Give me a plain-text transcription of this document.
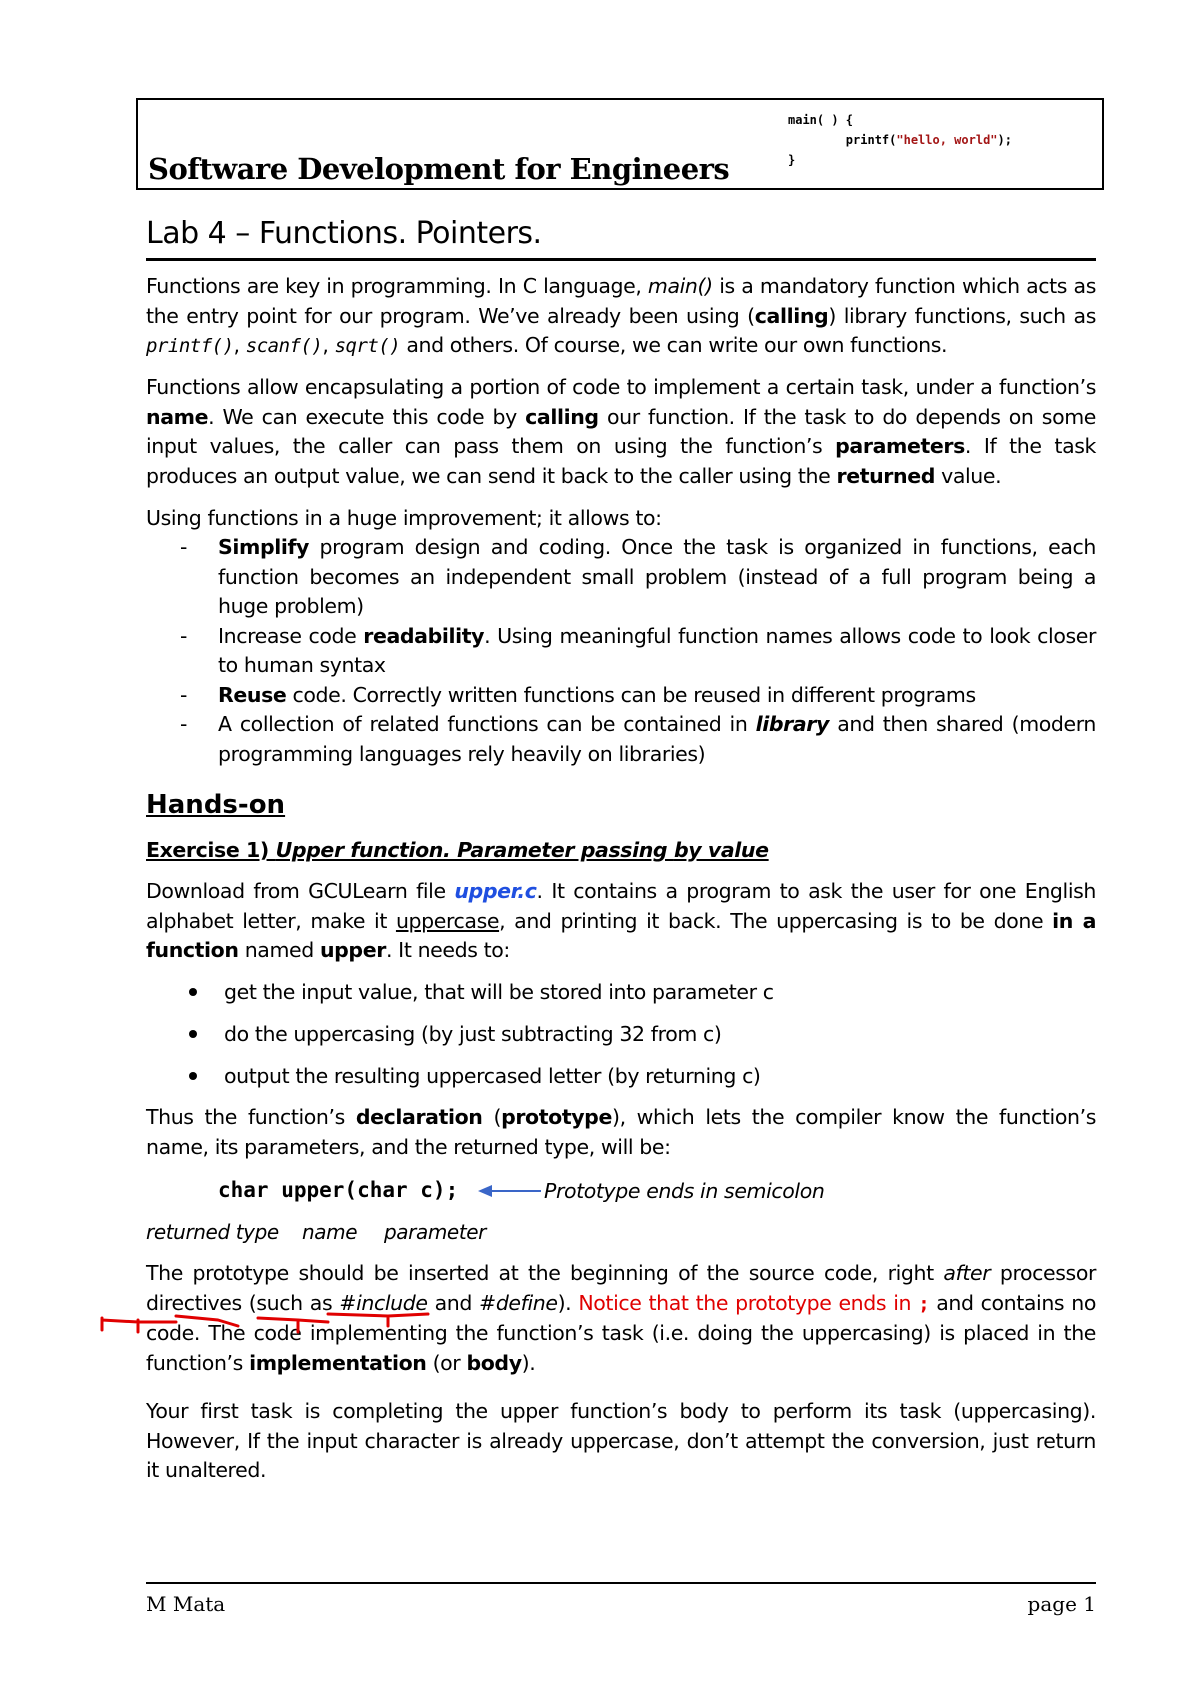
Software Development for Engineers
main( ) {
printf("hello, world");
}
Lab 4 – Functions. Pointers.

Functions are key in programming. In C language, main() is a mandatory function which acts as the entry point for our program. We’ve already been using (calling) library functions, such as printf(), scanf(), sqrt() and others. Of course, we can write our own functions.

Functions allow encapsulating a portion of code to implement a certain task, under a function’s name. We can execute this code by calling our function. If the task to do depends on some input values, the caller can pass them on using the function’s parameters. If the task produces an output value, we can send it back to the caller using the returned value.

Using functions in a huge improvement; it allows to:
- Simplify program design and coding. Once the task is organized in functions, each function becomes an independent small problem (instead of a full program being a huge problem)
- Increase code readability. Using meaningful function names allows code to look closer to human syntax
- Reuse code. Correctly written functions can be reused in different programs
- A collection of related functions can be contained in library and then shared (modern programming languages rely heavily on libraries)
Hands-on
Exercise 1) Upper function. Parameter passing by value

Download from GCULearn file upper.c. It contains a program to ask the user for one English alphabet letter, make it uppercase, and printing it back. The uppercasing is to be done in a function named upper. It needs to:

get the input value, that will be stored into parameter c
do the uppercasing (by just subtracting 32 from c)
output the resulting uppercased letter (by returning c)

Thus the function’s declaration (prototype), which lets the compiler know the function’s name, its parameters, and the returned type, will be:

char upper(char c);	Prototype ends in semicolon
returned type name parameter

The prototype should be inserted at the beginning of the source code, right after processor directives (such as #include and #define). Notice that the prototype ends in ; and contains no code. The code implementing the function’s task (i.e. doing the uppercasing) is placed in the function’s implementation (or body).

Your first task is completing the upper function’s body to perform its task (uppercasing). However, If the input character is already uppercase, don’t attempt the conversion, just return it unaltered.
M Mata	page 1
